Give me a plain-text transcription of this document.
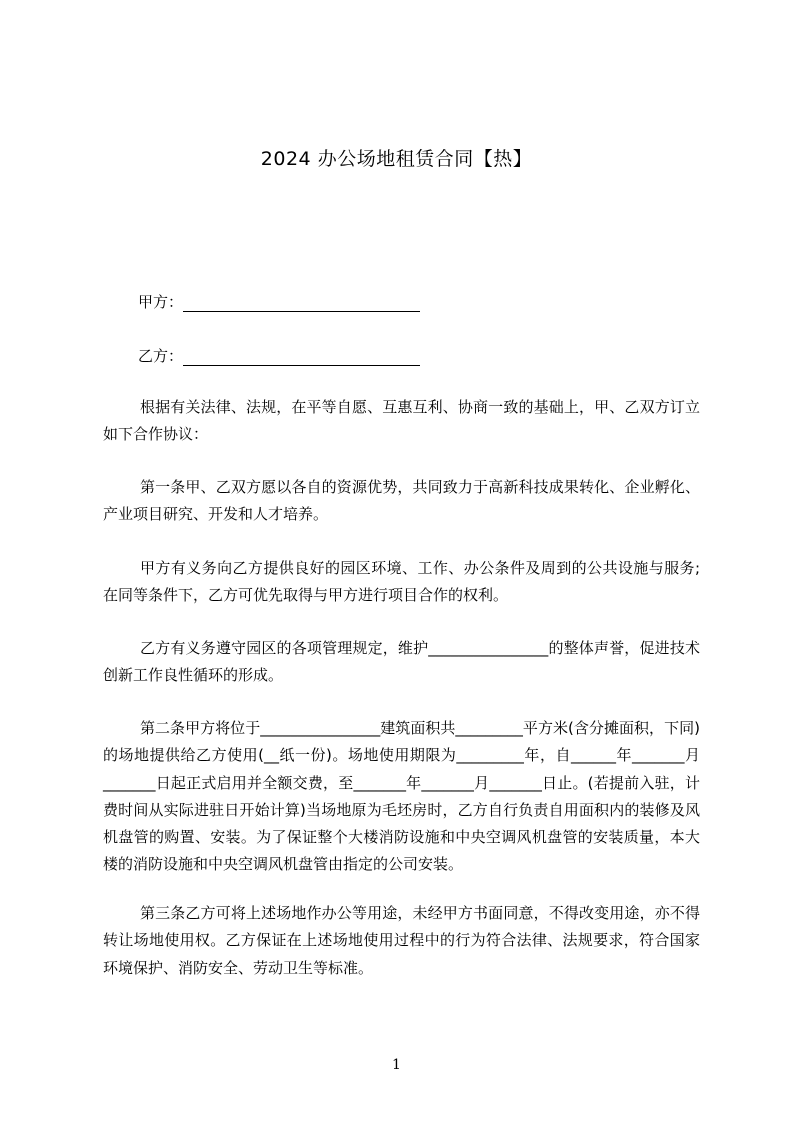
2024 办公场地租赁合同【热】
甲方：
乙方：
根据有关法律、法规，在平等自愿、互惠互利、协商一致的基础上，甲、乙双方订立如下合作协议：
第一条甲、乙双方愿以各自的资源优势，共同致力于高新科技成果转化、企业孵化、产业项目研究、开发和人才培养。
甲方有义务向乙方提供良好的园区环境、工作、办公条件及周到的公共设施与服务;在同等条件下，乙方可优先取得与甲方进行项目合作的权利。
乙方有义务遵守园区的各项管理规定，维护________________的整体声誉，促进技术创新工作良性循环的形成。
第二条甲方将位于________________建筑面积共_________平方米(含分摊面积，下同)的场地提供给乙方使用(__纸一份)。场地使用期限为_________年，自______年_______月_______日起正式启用并全额交费，至_______年_______月_______日止。(若提前入驻，计费时间从实际进驻日开始计算)当场地原为毛坯房时，乙方自行负责自用面积内的装修及风机盘管的购置、安装。为了保证整个大楼消防设施和中央空调风机盘管的安装质量，本大楼的消防设施和中央空调风机盘管由指定的公司安装。
第三条乙方可将上述场地作办公等用途，未经甲方书面同意，不得改变用途，亦不得转让场地使用权。乙方保证在上述场地使用过程中的行为符合法律、法规要求，符合国家环境保护、消防安全、劳动卫生等标准。
1
